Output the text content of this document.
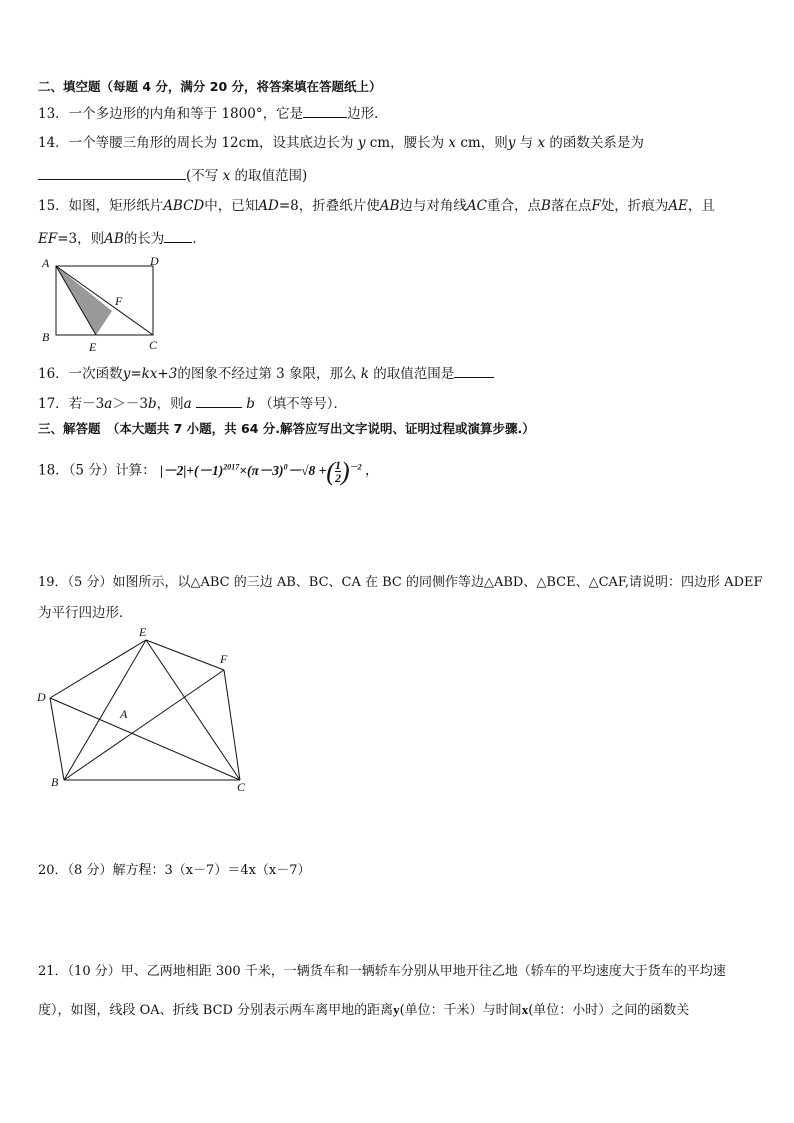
二、填空题（每题 4 分，满分 20 分，将答案填在答题纸上）
13．一个多边形的内角和等于 1800°，它是	边形．
14．一个等腰三角形的周长为 12cm，设其底边长为 y cm，腰长为 x cm，则y 与 x 的函数关系是为
(不写 x 的取值范围)
15．如图，矩形纸片ABCD中，已知AD=8，折叠纸片使AB边与对角线AC重合，点B落在点F处，折痕为AE，且
EF=3，则AB的长为 ．
A	D
F
B
E	C
16．一次函数y=kx+3的图象不经过第 3 象限，那么 k 的取值范围是
17．若－3a＞－3b，则a	b （填不等号）．
三、解答题　（本大题共 7 小题，共 64 分.解答应写出文字说明、证明过程或演算步骤.）
18．（5 分）计算： $|-2|+(-1)^{2017}\times(\pi-3)^0-√8$ +( $\frac{1}{2} )^{-2}$ ，
19．（5 分）如图所示，以△ABC 的三边 AB、BC、CA 在 BC 的同侧作等边△ABD、△BCE、△CAF,请说明：四边形 ADEF
为平行四边形．
E
F
D
A
B	C
20．（8 分）解方程：3（x－7）＝4x（x－7）
21．（10 分）甲、乙两地相距 300 千米，一辆货车和一辆轿车分别从甲地开往乙地（轿车的平均速度大于货车的平均速
度），如图，线段 OA、折线 BCD 分别表示两车离甲地的距离y(单位：千米）与时间x(单位：小时）之间的函数关
